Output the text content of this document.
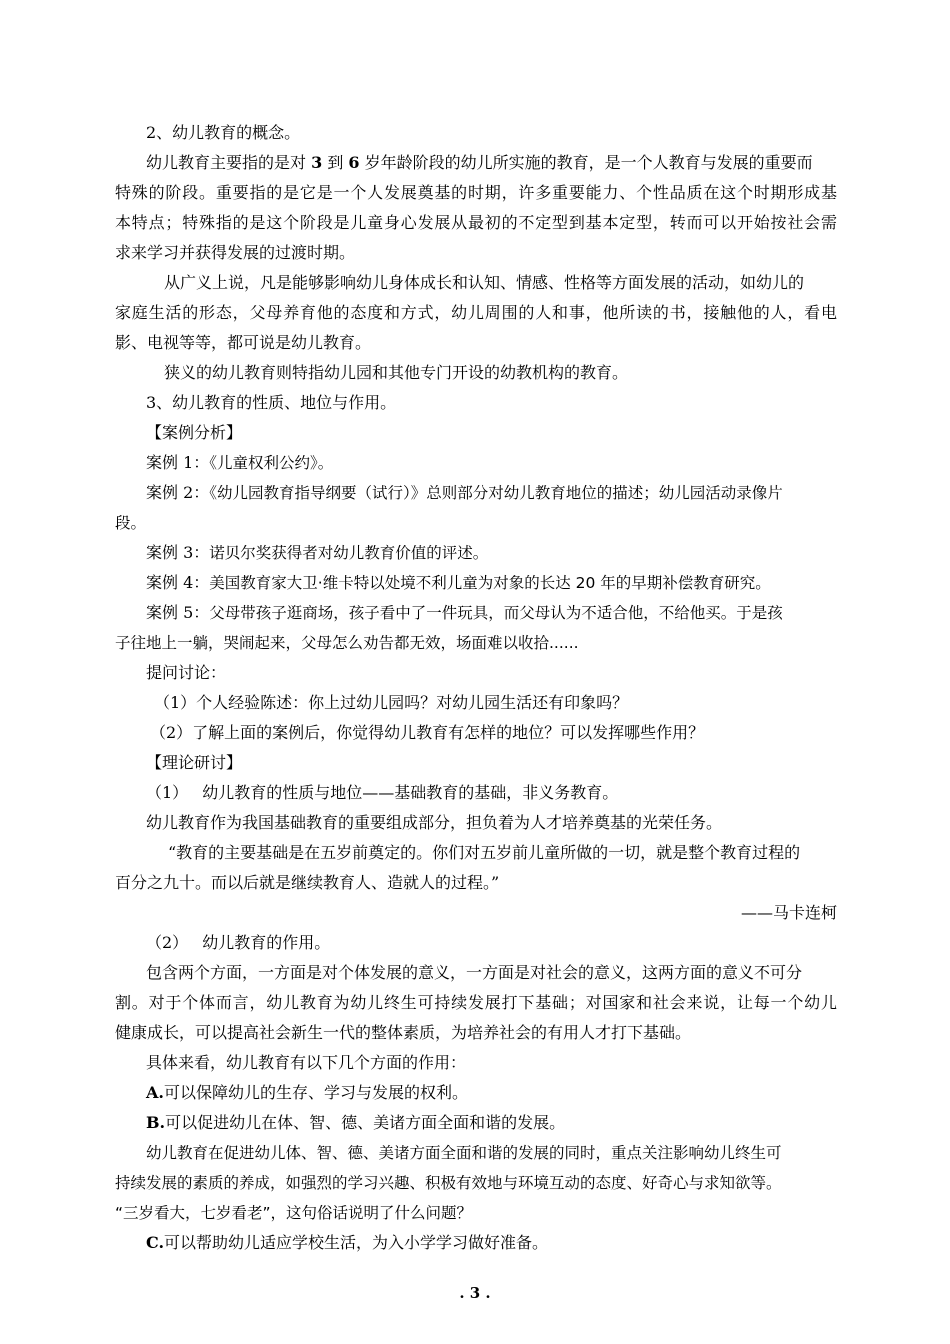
2、幼儿教育的概念。
幼儿教育主要指的是对 3 到 6 岁年龄阶段的幼儿所实施的教育，是一个人教育与发展的重要而
特殊的阶段。重要指的是它是一个人发展奠基的时期，许多重要能力、个性品质在这个时期形成基
本特点；特殊指的是这个阶段是儿童身心发展从最初的不定型到基本定型，转而可以开始按社会需
求来学习并获得发展的过渡时期。
从广义上说，凡是能够影响幼儿身体成长和认知、情感、性格等方面发展的活动，如幼儿的
家庭生活的形态，父母养育他的态度和方式，幼儿周围的人和事，他所读的书，接触他的人，看电
影、电视等等，都可说是幼儿教育。
狭义的幼儿教育则特指幼儿园和其他专门开设的幼教机构的教育。
3、幼儿教育的性质、地位与作用。
【案例分析】
案例 1：《儿童权利公约》。
案例 2：《幼儿园教育指导纲要（试行）》总则部分对幼儿教育地位的描述；幼儿园活动录像片
段。
案例 3：诺贝尔奖获得者对幼儿教育价值的评述。
案例 4：美国教育家大卫·维卡特以处境不利儿童为对象的长达 20 年的早期补偿教育研究。
案例 5：父母带孩子逛商场，孩子看中了一件玩具，而父母认为不适合他，不给他买。于是孩
子往地上一躺，哭闹起来，父母怎么劝告都无效，场面难以收拾......
提问讨论：
（1）个人经验陈述：你上过幼儿园吗？对幼儿园生活还有印象吗？
（2）了解上面的案例后，你觉得幼儿教育有怎样的地位？可以发挥哪些作用？
【理论研讨】
（1） 幼儿教育的性质与地位——基础教育的基础，非义务教育。
幼儿教育作为我国基础教育的重要组成部分，担负着为人才培养奠基的光荣任务。
“教育的主要基础是在五岁前奠定的。你们对五岁前儿童所做的一切，就是整个教育过程的
百分之九十。而以后就是继续教育人、造就人的过程。”
——马卡连柯
（2） 幼儿教育的作用。
包含两个方面，一方面是对个体发展的意义，一方面是对社会的意义，这两方面的意义不可分
割。对于个体而言，幼儿教育为幼儿终生可持续发展打下基础；对国家和社会来说，让每一个幼儿
健康成长，可以提高社会新生一代的整体素质，为培养社会的有用人才打下基础。
具体来看，幼儿教育有以下几个方面的作用：
A.可以保障幼儿的生存、学习与发展的权利。
B.可以促进幼儿在体、智、德、美诸方面全面和谐的发展。
幼儿教育在促进幼儿体、智、德、美诸方面全面和谐的发展的同时，重点关注影响幼儿终生可
持续发展的素质的养成，如强烈的学习兴趣、积极有效地与环境互动的态度、好奇心与求知欲等。
“三岁看大，七岁看老”，这句俗话说明了什么问题？
C.可以帮助幼儿适应学校生活，为入小学学习做好准备。
. 3 .
